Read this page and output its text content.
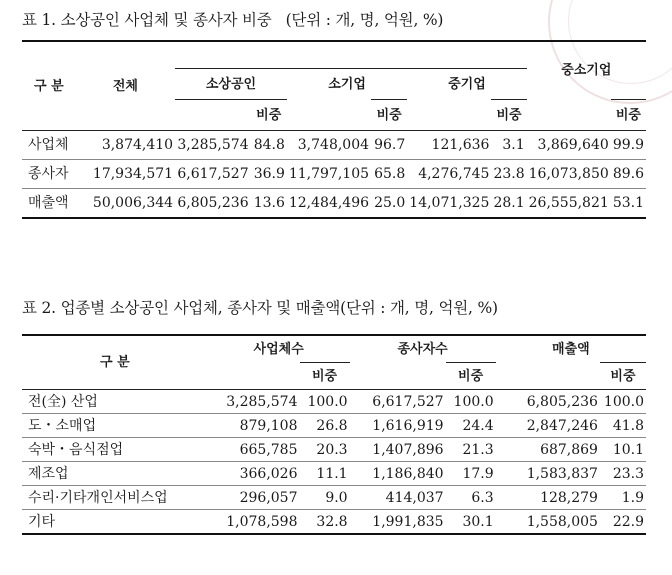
표 1. 소상공인 사업체 및 종사자 비중 (단위 : 개, 명, 억원, %)
구 분	전체							중소기업	
		소상공인		소기업		중기업			
			비중		비중		비중		비중
사업체	3,874,410	3,285,574	84.8	3,748,004	96.7	121,636	3.1	3,869,640	99.9
종사자	17,934,571	6,617,527	36.9	11,797,105	65.8	4,276,745	23.8	16,073,850	89.6
매출액	50,006,344	6,805,236	13.6	12,484,496	25.0	14,071,325	28.1	26,555,821	53.1
표 2. 업종별 소상공인 사업체, 종사자 및 매출액(단위 : 개, 명, 억원, %)
구 분	사업체수		종사자수		매출액	
		비중		비중		비중
전(全) 산업	3,285,574	100.0	6,617,527	100.0	6,805,236	100.0
도・소매업	879,108	26.8	1,616,919	24.4	2,847,246	41.8
숙박・음식점업	665,785	20.3	1,407,896	21.3	687,869	10.1
제조업	366,026	11.1	1,186,840	17.9	1,583,837	23.3
수리·기타개인서비스업	296,057	9.0	414,037	6.3	128,279	1.9
기타	1,078,598	32.8	1,991,835	30.1	1,558,005	22.9
